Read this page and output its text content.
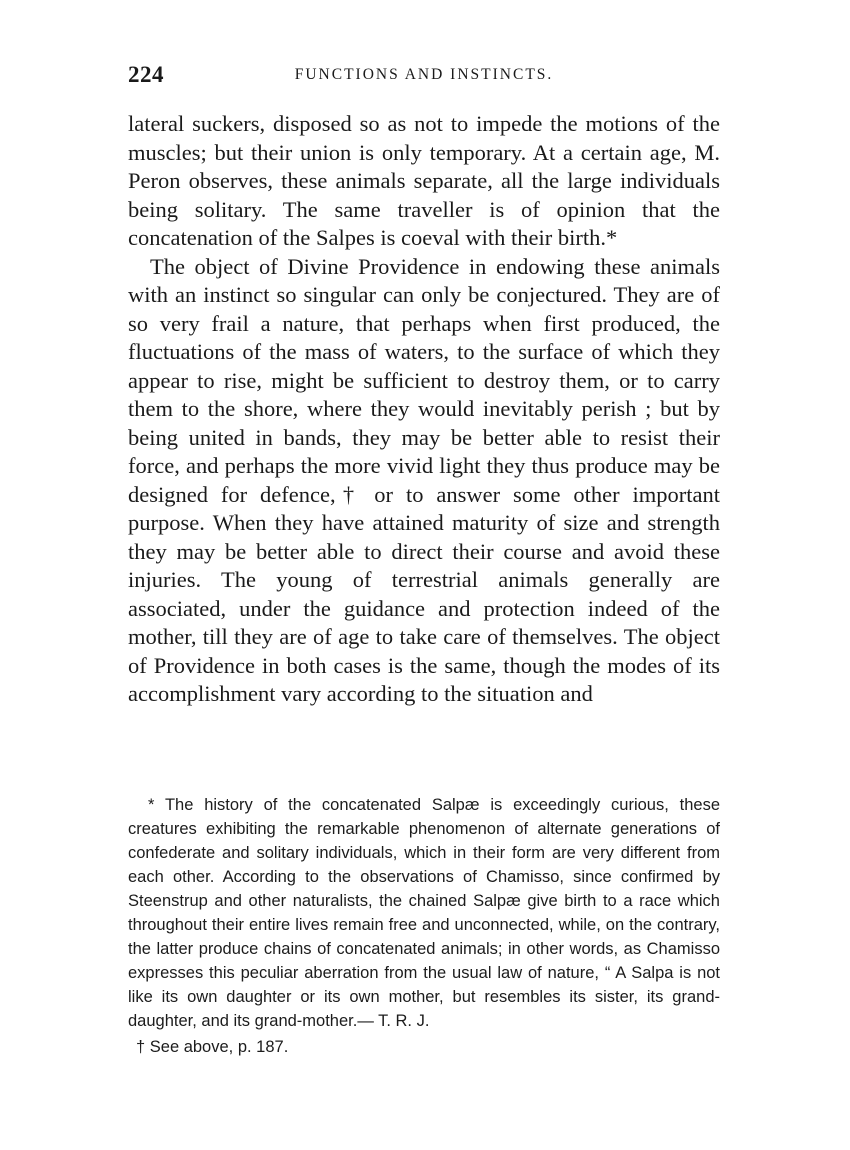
224	FUNCTIONS AND INSTINCTS.

lateral suckers, disposed so as not to impede the motions of the muscles; but their union is only temporary. At a certain age, M. Peron observes, these animals separate, all the large individuals being solitary. The same traveller is of opinion that the concatenation of the Salpes is coeval with their birth.*

The object of Divine Providence in endowing these animals with an instinct so singular can only be conjectured. They are of so very frail a nature, that perhaps when first produced, the fluctuations of the mass of waters, to the surface of which they appear to rise, might be sufficient to destroy them, or to carry them to the shore, where they would inevitably perish ; but by being united in bands, they may be better able to resist their force, and perhaps the more vivid light they thus produce may be designed for defence,† or to answer some other important purpose. When they have attained maturity of size and strength they may be better able to direct their course and avoid these injuries. The young of terrestrial animals generally are associated, under the guidance and protection indeed of the mother, till they are of age to take care of themselves. The object of Providence in both cases is the same, though the modes of its accomplishment vary according to the situation and

* The history of the concatenated Salpæ is exceedingly curious, these creatures exhibiting the remarkable phenomenon of alternate generations of confederate and solitary individuals, which in their form are very different from each other. According to the observations of Chamisso, since confirmed by Steenstrup and other naturalists, the chained Salpæ give birth to a race which throughout their entire lives remain free and unconnected, while, on the contrary, the latter produce chains of concatenated animals; in other words, as Chamisso expresses this peculiar aberration from the usual law of nature, “ A Salpa is not like its own daughter or its own mother, but resembles its sister, its grand-daughter, and its grand-mother.— T. R. J.

† See above, p. 187.
